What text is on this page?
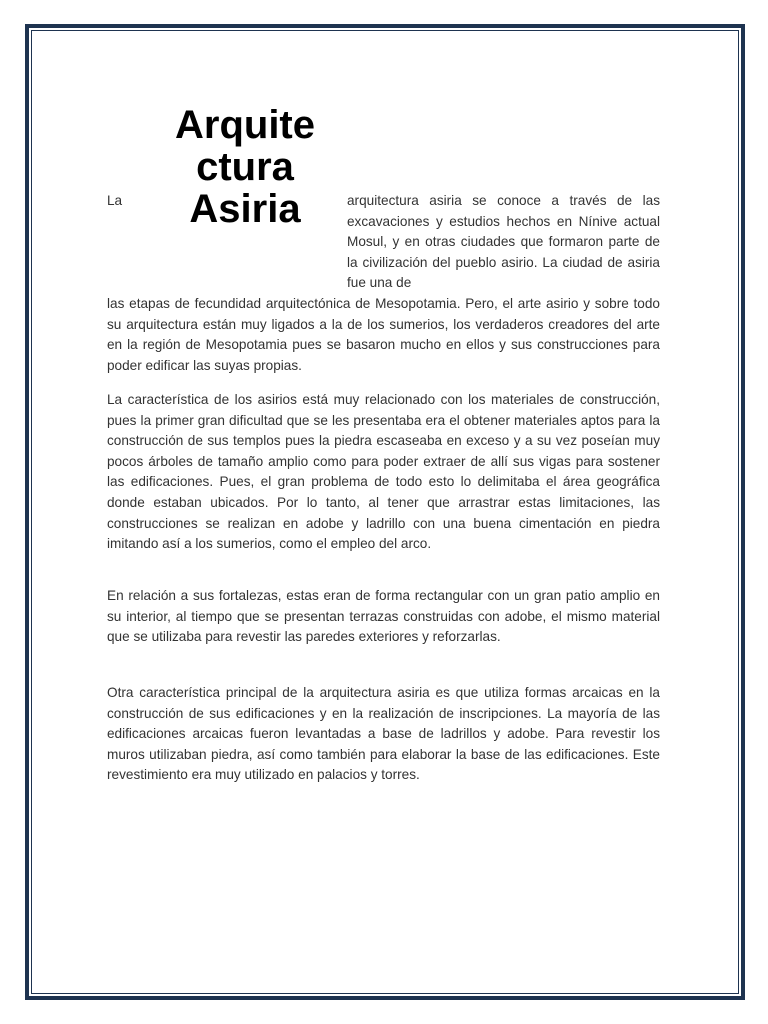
Arquite
ctura
Asiria
La	arquitectura asiria se conoce a través de las excavaciones y estudios hechos en Nínive actual Mosul, y en otras ciudades que formaron parte de la civilización del pueblo asirio. La ciudad de asiria fue una de

las etapas de fecundidad arquitectónica de Mesopotamia. Pero, el arte asirio y sobre todo su arquitectura están muy ligados a la de los sumerios, los verdaderos creadores del arte en la región de Mesopotamia pues se basaron mucho en ellos y sus construcciones para poder edificar las suyas propias.

La característica de los asirios está muy relacionado con los materiales de construcción, pues la primer gran dificultad que se les presentaba era el obtener materiales aptos para la construcción de sus templos pues la piedra escaseaba en exceso y a su vez poseían muy pocos árboles de tamaño amplio como para poder extraer de allí sus vigas para sostener las edificaciones. Pues, el gran problema de todo esto lo delimitaba el área geográfica donde estaban ubicados. Por lo tanto, al tener que arrastrar estas limitaciones, las construcciones se realizan en adobe y ladrillo con una buena cimentación en piedra imitando así a los sumerios, como el empleo del arco.

En relación a sus fortalezas, estas eran de forma rectangular con un gran patio amplio en su interior, al tiempo que se presentan terrazas construidas con adobe, el mismo material que se utilizaba para revestir las paredes exteriores y reforzarlas.

Otra característica principal de la arquitectura asiria es que utiliza formas arcaicas en la construcción de sus edificaciones y en la realización de inscripciones. La mayoría de las edificaciones arcaicas fueron levantadas a base de ladrillos y adobe. Para revestir los muros utilizaban piedra, así como también para elaborar la base de las edificaciones. Este revestimiento era muy utilizado en palacios y torres.
